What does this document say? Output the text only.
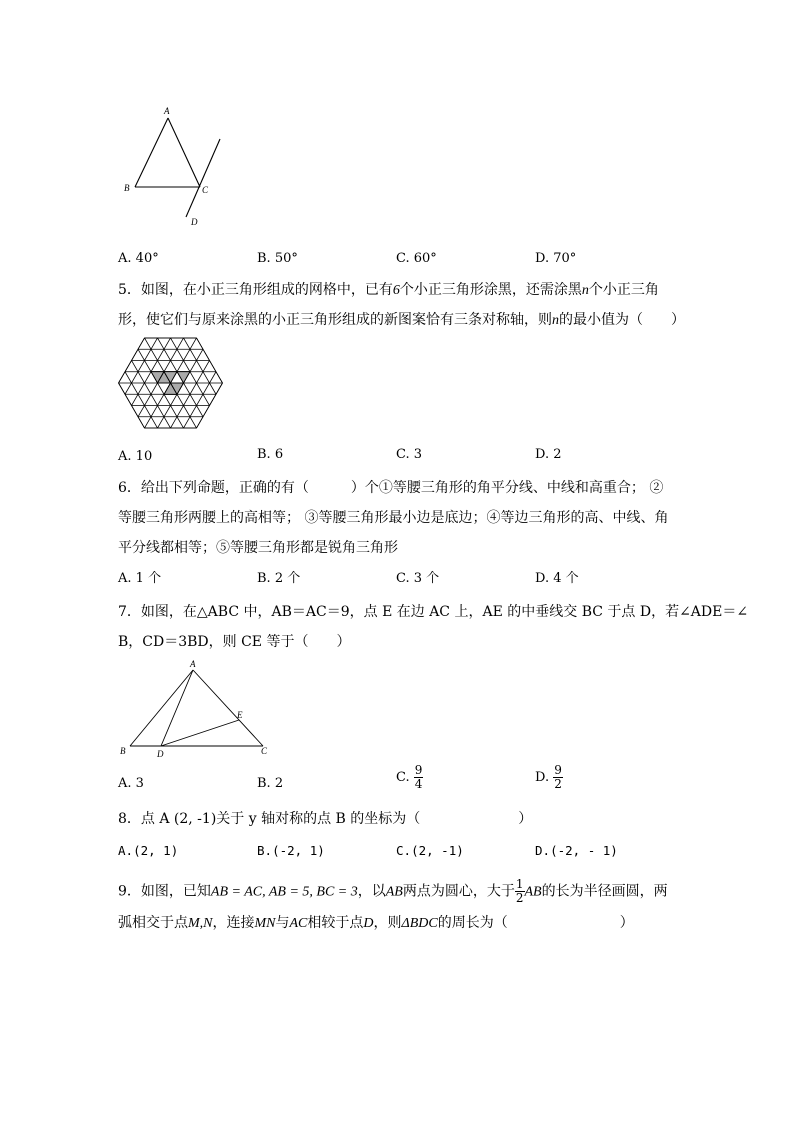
A
B	C
D
A. 40°	B. 50°	C. 60°	D. 70°
5．如图，在小正三角形组成的网格中，已有6个小正三角形涂黑，还需涂黑n个小正三角
形，使它们与原来涂黑的小正三角形组成的新图案恰有三条对称轴，则n的最小值为（　　）
A. 10	B. 6	C. 3	D. 2
6．给出下列命题，正确的有（　　　）个①等腰三角形的角平分线、中线和高重合； ②
等腰三角形两腰上的高相等； ③等腰三角形最小边是底边；④等边三角形的高、中线、角
平分线都相等；⑤等腰三角形都是锐角三角形
A. 1 个	B. 2 个	C. 3 个	D. 4 个
7．如图，在△ABC 中，AB＝AC＝9，点 E 在边 AC 上，AE 的中垂线交 BC 于点 D，若∠ADE＝∠
B，CD＝3BD，则 CE 等于（　　）
A
B	C
D
E
A. 3	B. 2	C. $\frac{9}{4}$	D. $\frac{9}{2}$
8．点 A (2, -1)关于 y 轴对称的点 B 的坐标为（　　　　　　　）
A.(2, 1)	B.(-2, 1)	C.(2, -1)	D.(-2, - 1)
9．如图，已知AB = AC, AB = 5, BC = 3，以AB两点为圆心，大于 $\frac{1}{2}$ AB的长为半径画圆，两
弧相交于点M,N，连接MN与AC相较于点D，则ΔBDC的周长为（　　　　　　　　）
